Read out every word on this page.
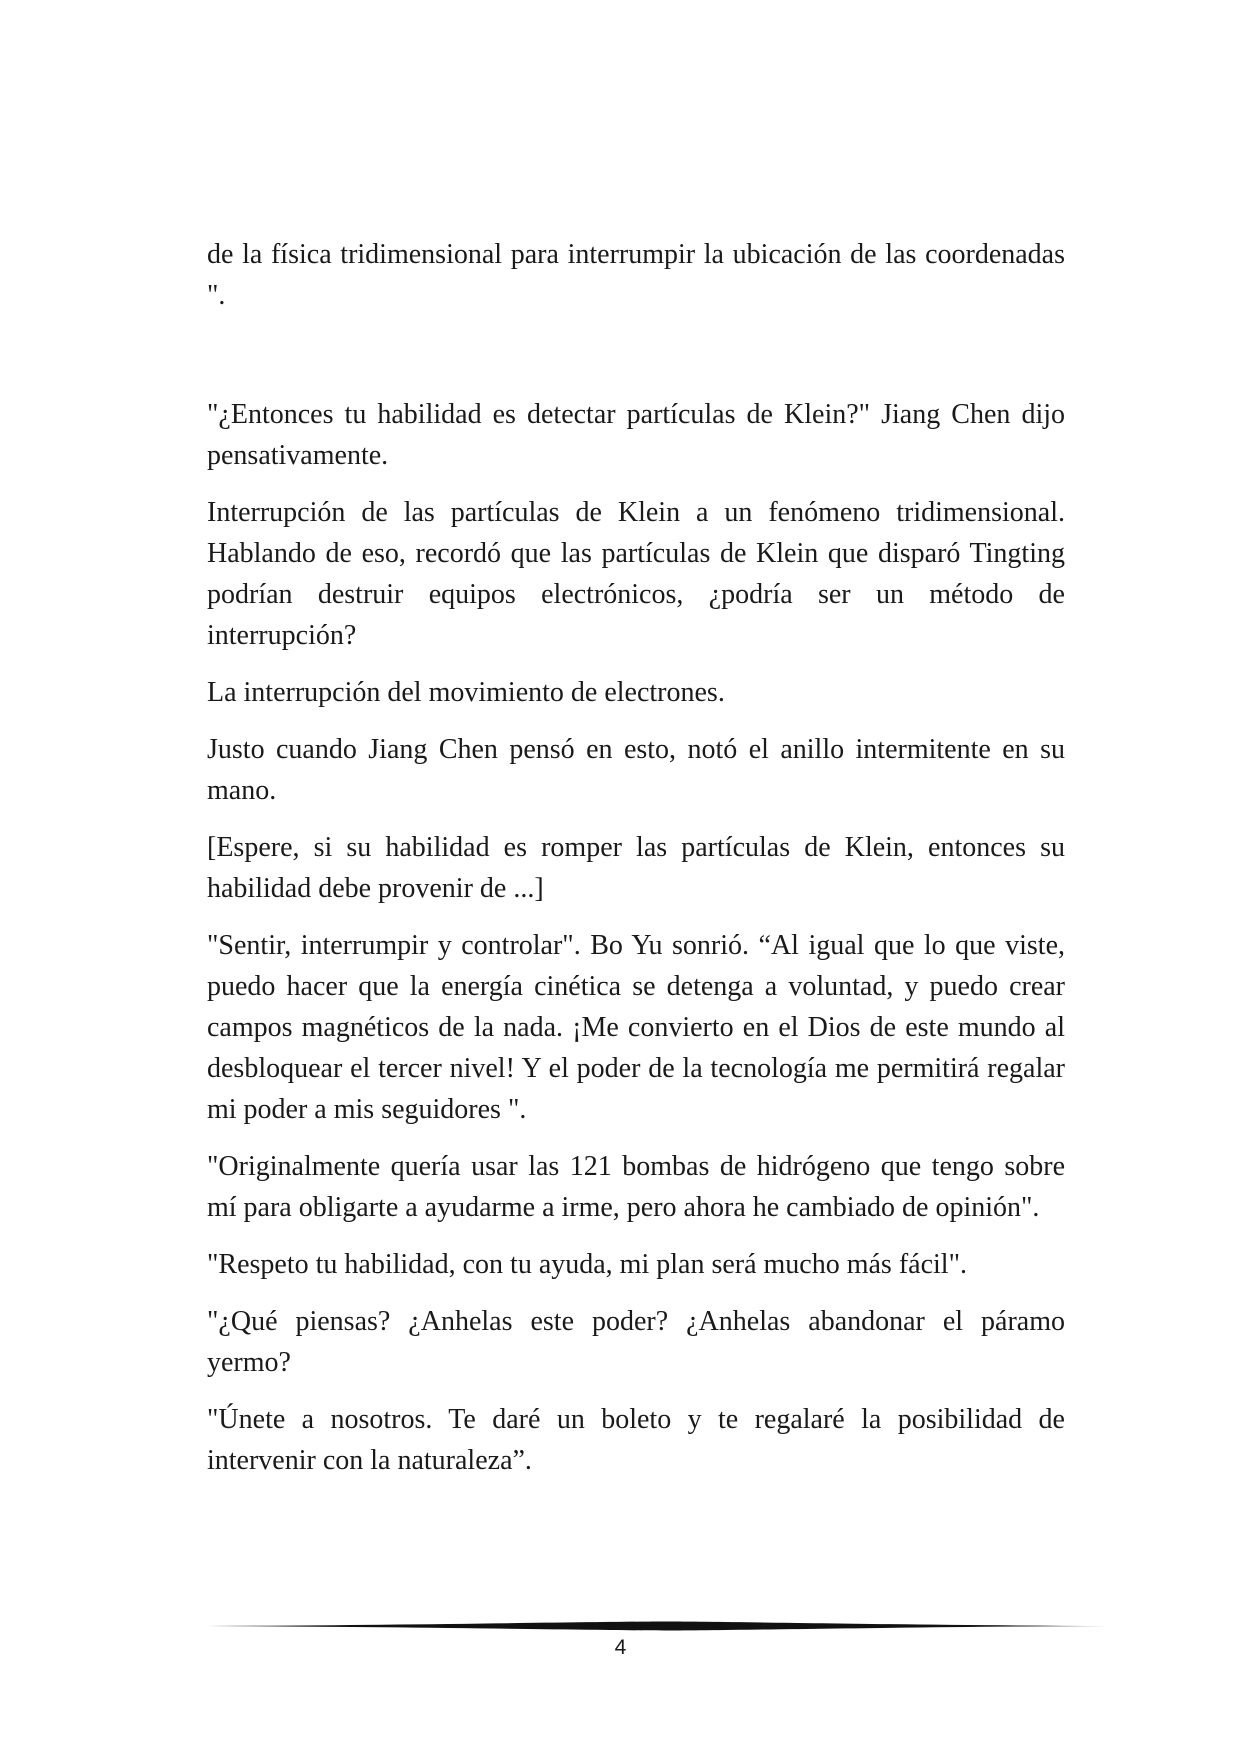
de la física tridimensional para interrumpir la ubicación de las coordenadas ".

"¿Entonces tu habilidad es detectar partículas de Klein?" Jiang Chen dijo pensativamente.

Interrupción de las partículas de Klein a un fenómeno tridimensional. Hablando de eso, recordó que las partículas de Klein que disparó Tingting podrían destruir equipos electrónicos, ¿podría ser un método de interrupción?

La interrupción del movimiento de electrones.

Justo cuando Jiang Chen pensó en esto, notó el anillo intermitente en su mano.

[Espere, si su habilidad es romper las partículas de Klein, entonces su habilidad debe provenir de ...]

"Sentir, interrumpir y controlar". Bo Yu sonrió. “Al igual que lo que viste, puedo hacer que la energía cinética se detenga a voluntad, y puedo crear campos magnéticos de la nada. ¡Me convierto en el Dios de este mundo al desbloquear el tercer nivel! Y el poder de la tecnología me permitirá regalar mi poder a mis seguidores ".

"Originalmente quería usar las 121 bombas de hidrógeno que tengo sobre mí para obligarte a ayudarme a irme, pero ahora he cambiado de opinión".

"Respeto tu habilidad, con tu ayuda, mi plan será mucho más fácil".

"¿Qué piensas? ¿Anhelas este poder? ¿Anhelas abandonar el páramo yermo?

"Únete a nosotros. Te daré un boleto y te regalaré la posibilidad de intervenir con la naturaleza”.

4
